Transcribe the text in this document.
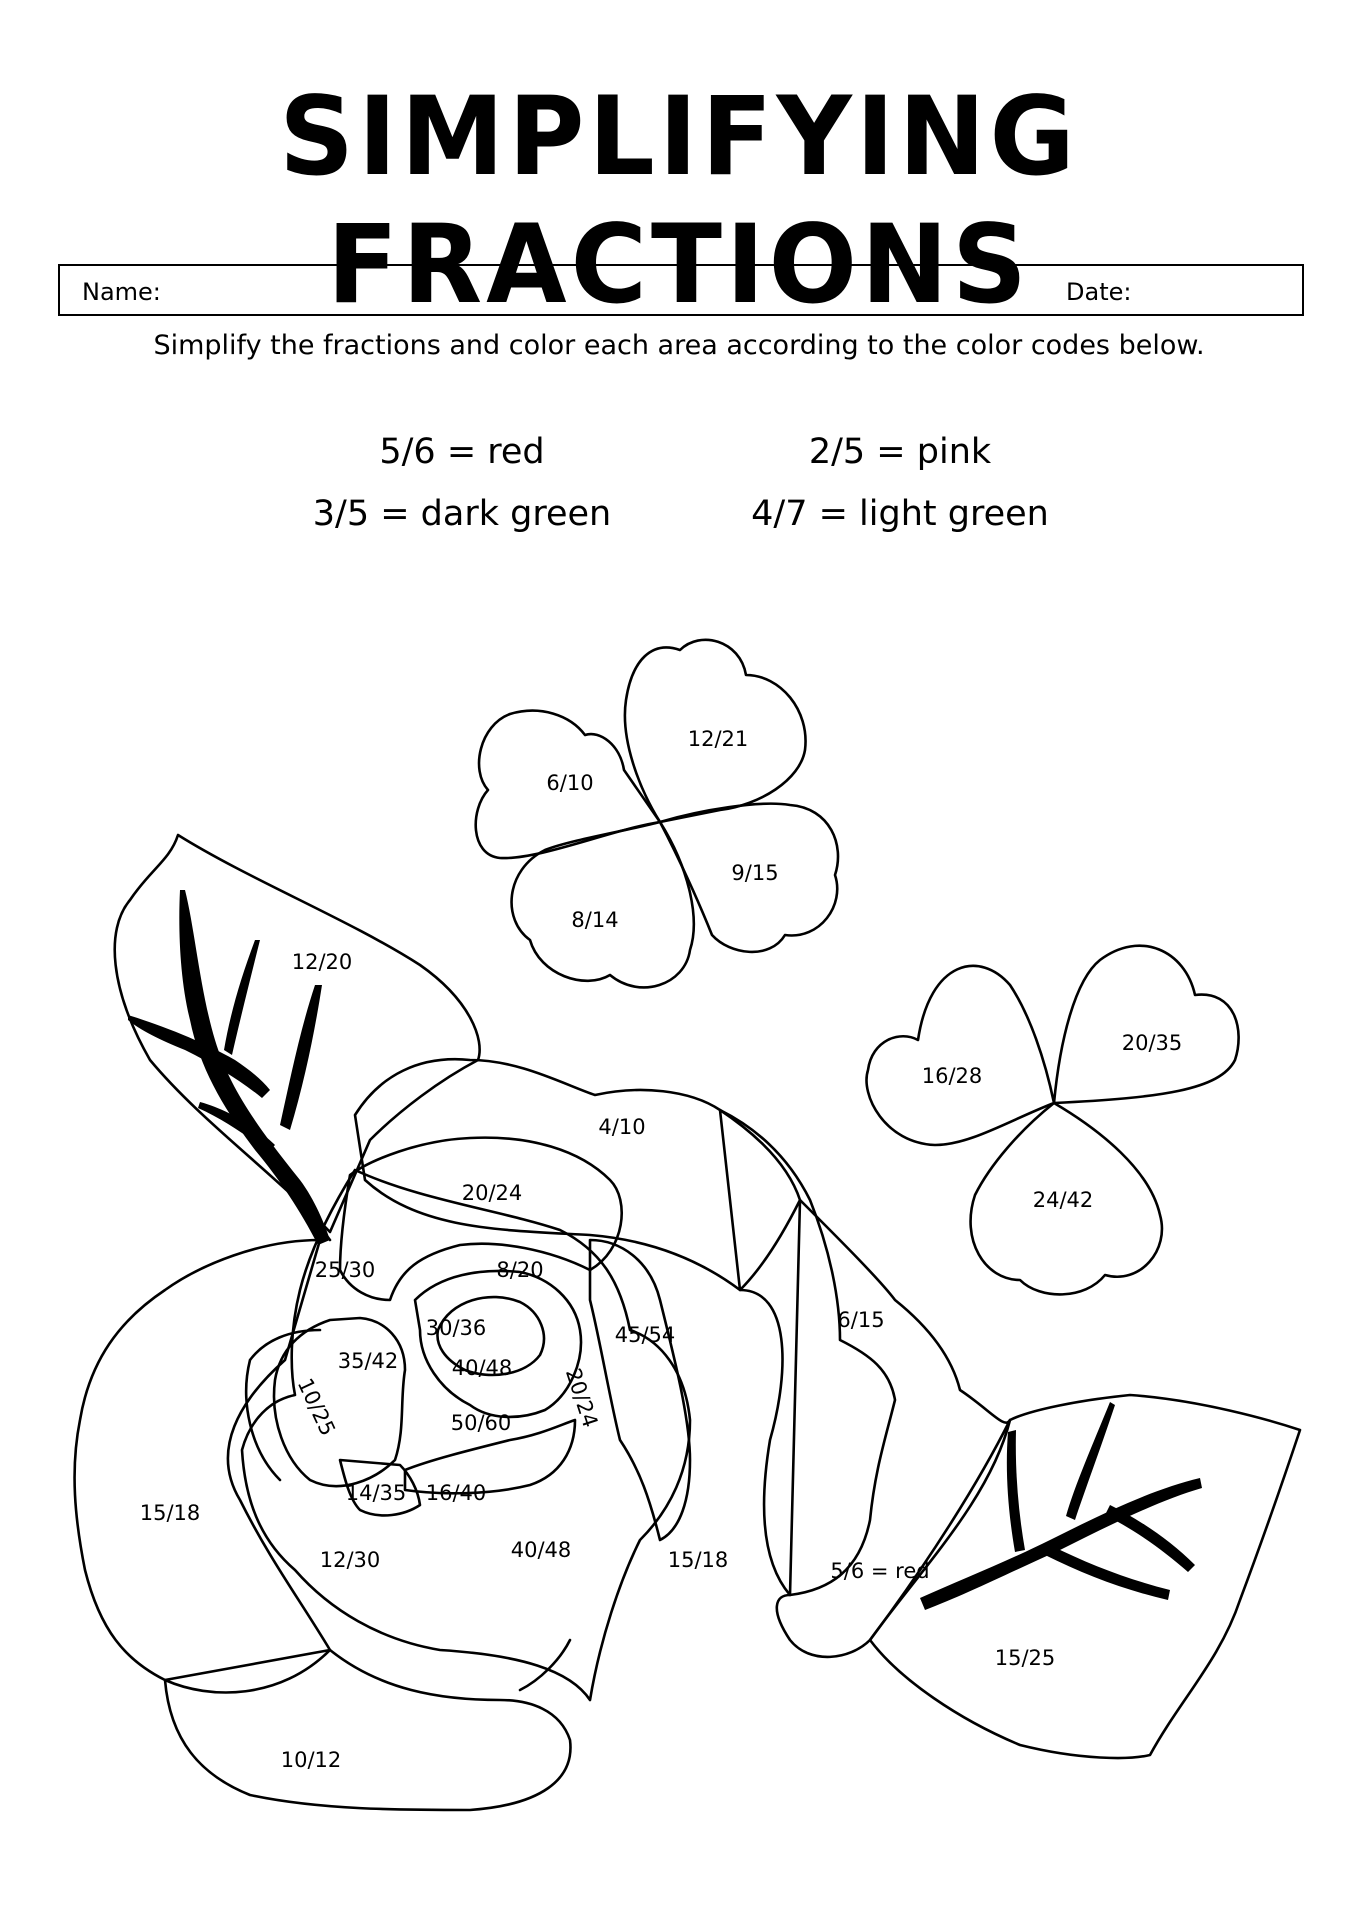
SIMPLIFYING FRACTIONS
Name:	Date:
Simplify the fractions and color each area according to the color codes below.
5/6 = red	2/5 = pink
3/5 = dark green	4/7 = light green
6/10
12/21
9/15
8/14
16/28
20/35
24/42
12/20
5/6 = red
15/25
4/10
20/24
25/30	8/20
30/36
35/42	40/48
45/54
20/24
10/25	50/60
14/35 16/40
12/30	40/48	15/18
6/15
15/18
10/12
